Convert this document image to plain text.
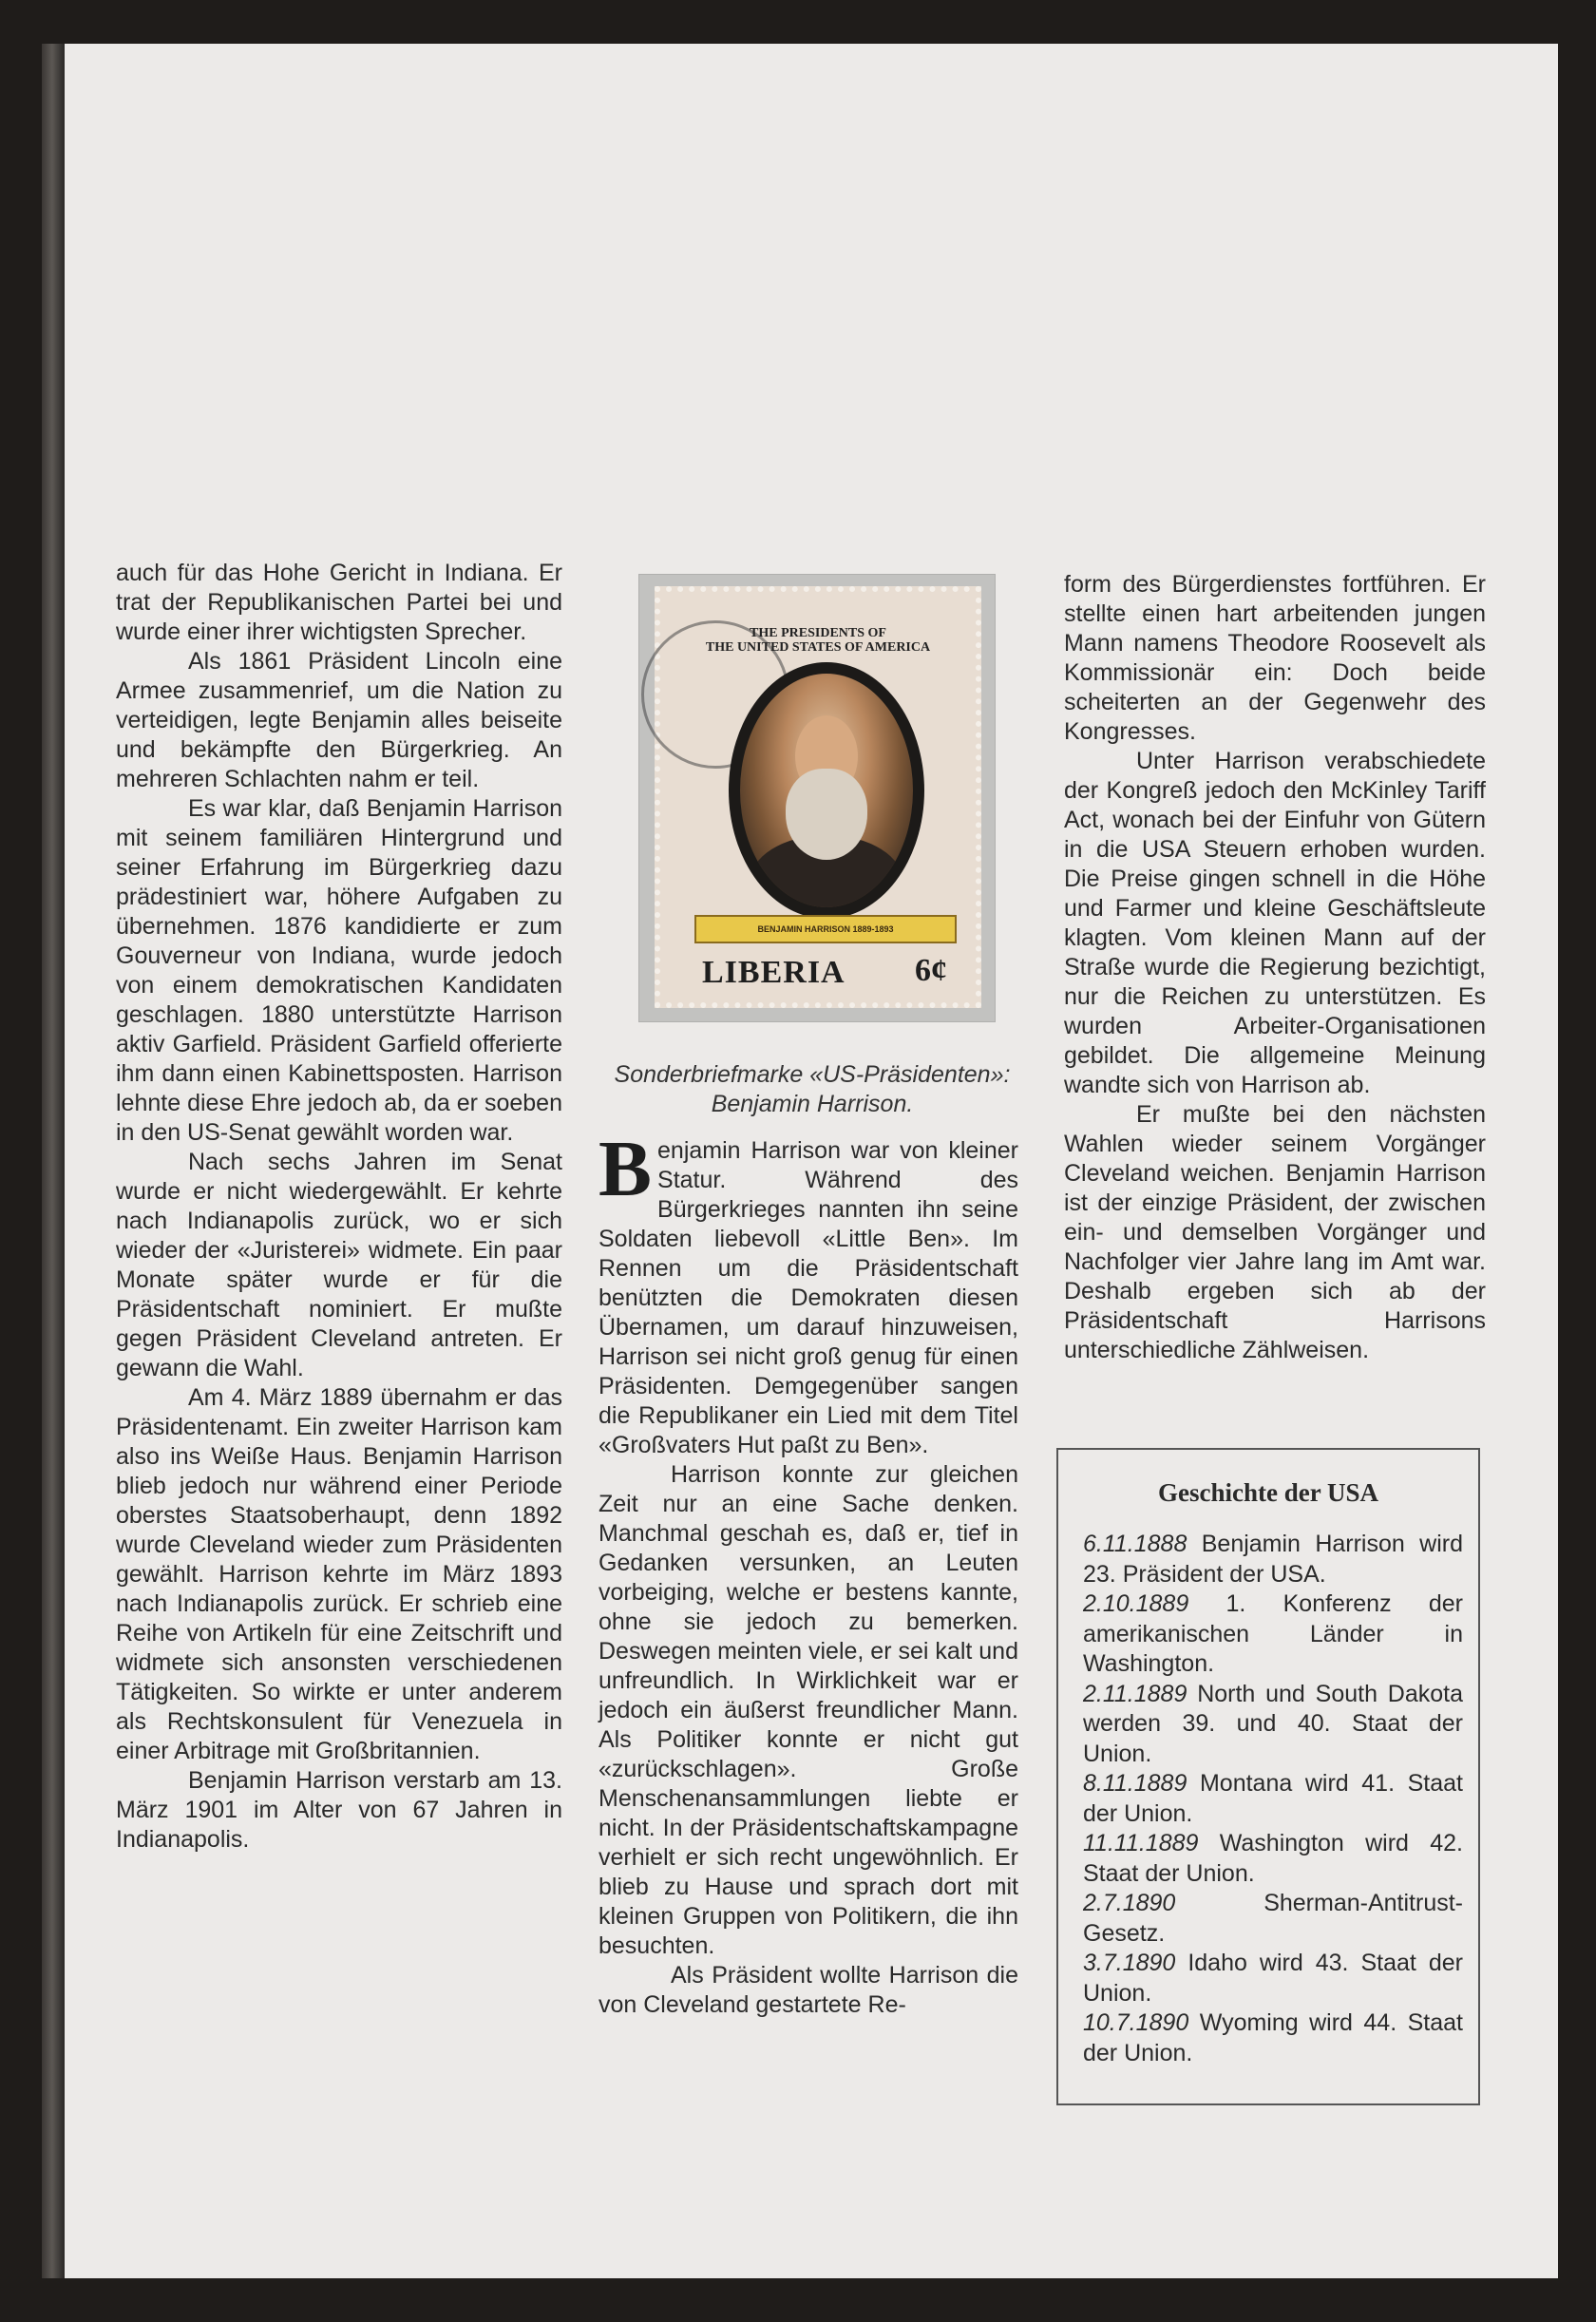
auch für das Hohe Gericht in Indiana. Er trat der Republikanischen Partei bei und wurde einer ihrer wichtigsten Sprecher.

Als 1861 Präsident Lincoln eine Armee zusammenrief, um die Nation zu verteidigen, legte Benjamin alles beiseite und bekämpfte den Bürgerkrieg. An mehreren Schlachten nahm er teil.

Es war klar, daß Benjamin Harrison mit seinem familiären Hintergrund und seiner Erfahrung im Bürgerkrieg dazu prädestiniert war, höhere Aufgaben zu übernehmen. 1876 kandidierte er zum Gouverneur von Indiana, wurde jedoch von einem demokratischen Kandidaten geschlagen. 1880 unterstützte Harrison aktiv Garfield. Präsident Garfield offerierte ihm dann einen Kabinettsposten. Harrison lehnte diese Ehre jedoch ab, da er soeben in den US-Senat gewählt worden war.

Nach sechs Jahren im Senat wurde er nicht wiedergewählt. Er kehrte nach Indianapolis zurück, wo er sich wieder der «Juristerei» widmete. Ein paar Monate später wurde er für die Präsidentschaft nominiert. Er mußte gegen Präsident Cleveland antreten. Er gewann die Wahl.

Am 4. März 1889 übernahm er das Präsidentenamt. Ein zweiter Harrison kam also ins Weiße Haus. Benjamin Harrison blieb jedoch nur während einer Periode oberstes Staatsoberhaupt, denn 1892 wurde Cleveland wieder zum Präsidenten gewählt. Harrison kehrte im März 1893 nach Indianapolis zurück. Er schrieb eine Reihe von Artikeln für eine Zeitschrift und widmete sich ansonsten verschiedenen Tätigkeiten. So wirkte er unter anderem als Rechtskonsulent für Venezuela in einer Arbitrage mit Großbritannien.

Benjamin Harrison verstarb am 13. März 1901 im Alter von 67 Jahren in Indianapolis.

THE PRESIDENTS OF
THE UNITED STATES OF AMERICA
BENJAMIN HARRISON 1889-1893
LIBERIA 6¢
Sonderbriefmarke «US-Präsidenten»: Benjamin Harrison.

Benjamin Harrison war von kleiner Statur. Während des Bürgerkrieges nannten ihn seine Soldaten liebevoll «Little Ben». Im Rennen um die Präsidentschaft benützten die Demokraten diesen Übernamen, um darauf hinzuweisen, Harrison sei nicht groß genug für einen Präsidenten. Demgegenüber sangen die Republikaner ein Lied mit dem Titel «Großvaters Hut paßt zu Ben».

Harrison konnte zur gleichen Zeit nur an eine Sache denken. Manchmal geschah es, daß er, tief in Gedanken versunken, an Leuten vorbeiging, welche er bestens kannte, ohne sie jedoch zu bemerken. Deswegen meinten viele, er sei kalt und unfreundlich. In Wirklichkeit war er jedoch ein äußerst freundlicher Mann. Als Politiker konnte er nicht gut «zurückschlagen». Große Menschenansammlungen liebte er nicht. In der Präsidentschaftskampagne verhielt er sich recht ungewöhnlich. Er blieb zu Hause und sprach dort mit kleinen Gruppen von Politikern, die ihn besuchten.

Als Präsident wollte Harrison die von Cleveland gestartete Re-

form des Bürgerdienstes fortführen. Er stellte einen hart arbeitenden jungen Mann namens Theodore Roosevelt als Kommissionär ein: Doch beide scheiterten an der Gegenwehr des Kongresses.

Unter Harrison verabschiedete der Kongreß jedoch den McKinley Tariff Act, wonach bei der Einfuhr von Gütern in die USA Steuern erhoben wurden. Die Preise gingen schnell in die Höhe und Farmer und kleine Geschäftsleute klagten. Vom kleinen Mann auf der Straße wurde die Regierung bezichtigt, nur die Reichen zu unterstützen. Es wurden Arbeiter-Organisationen gebildet. Die allgemeine Meinung wandte sich von Harrison ab.

Er mußte bei den nächsten Wahlen wieder seinem Vorgänger Cleveland weichen. Benjamin Harrison ist der einzige Präsident, der zwischen ein- und demselben Vorgänger und Nachfolger vier Jahre lang im Amt war. Deshalb ergeben sich ab der Präsidentschaft Harrisons unterschiedliche Zählweisen.

Geschichte der USA

6.11.1888 Benjamin Harrison wird 23. Präsident der USA.

2.10.1889 1. Konferenz der amerikanischen Länder in Washington.

2.11.1889 North und South Dakota werden 39. und 40. Staat der Union.

8.11.1889 Montana wird 41. Staat der Union.

11.11.1889 Washington wird 42. Staat der Union.

2.7.1890	Sherman-Antitrust-Gesetz.

3.7.1890 Idaho wird 43. Staat der Union.

10.7.1890 Wyoming wird 44. Staat der Union.
